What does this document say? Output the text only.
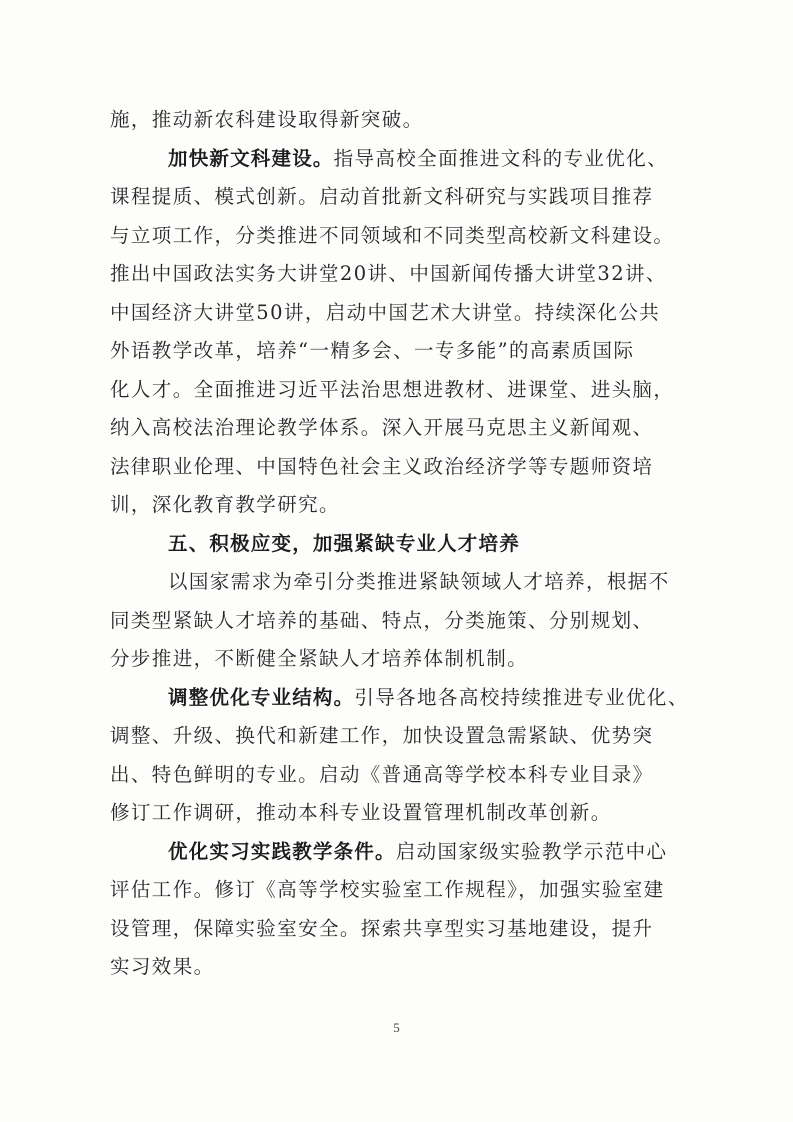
施，推动新农科建设取得新突破。
加快新文科建设。指导高校全面推进文科的专业优化、
课程提质、模式创新。启动首批新文科研究与实践项目推荐
与立项工作，分类推进不同领域和不同类型高校新文科建设。
推出中国政法实务大讲堂20讲、中国新闻传播大讲堂32讲、
中国经济大讲堂50讲，启动中国艺术大讲堂。持续深化公共
外语教学改革，培养“一精多会、一专多能”的高素质国际
化人才。全面推进习近平法治思想进教材、进课堂、进头脑，
纳入高校法治理论教学体系。深入开展马克思主义新闻观、
法律职业伦理、中国特色社会主义政治经济学等专题师资培
训，深化教育教学研究。
五、积极应变，加强紧缺专业人才培养
以国家需求为牵引分类推进紧缺领域人才培养，根据不
同类型紧缺人才培养的基础、特点，分类施策、分别规划、
分步推进，不断健全紧缺人才培养体制机制。
调整优化专业结构。引导各地各高校持续推进专业优化、
调整、升级、换代和新建工作，加快设置急需紧缺、优势突
出、特色鲜明的专业。启动《普通高等学校本科专业目录》
修订工作调研，推动本科专业设置管理机制改革创新。
优化实习实践教学条件。启动国家级实验教学示范中心
评估工作。修订《高等学校实验室工作规程》，加强实验室建
设管理，保障实验室安全。探索共享型实习基地建设，提升
实习效果。
5
